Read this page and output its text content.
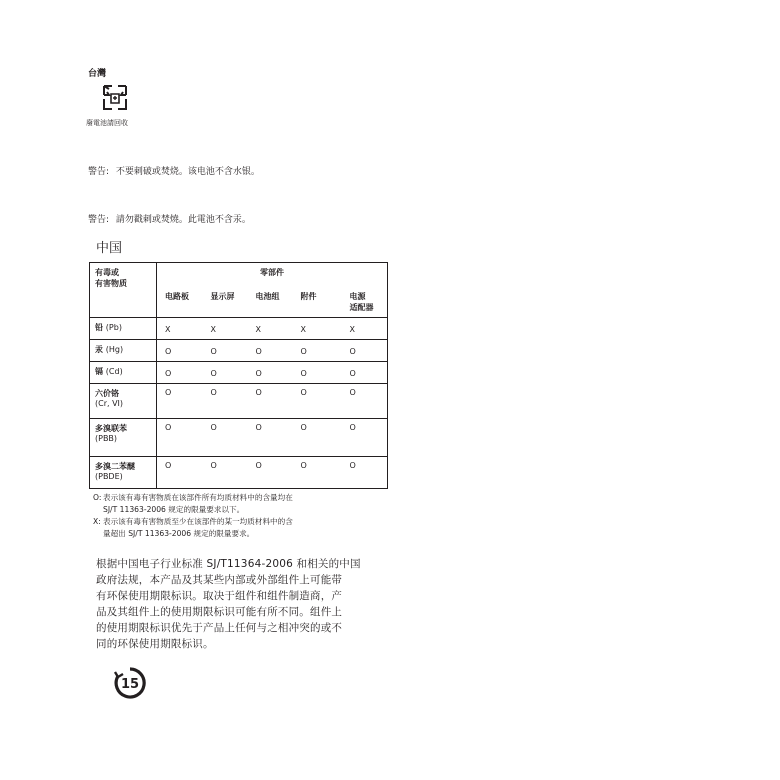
台灣
廢電池請回收
警告: 不要刺破或焚烧。该电池不含水银。
警告: 請勿戳刺或焚燒。此電池不含汞。
中国
有毒或
有害物质	零部件				
	电路板	显示屏	电池组	附件	电源
适配器

铅 (Pb)	X	X	X	X	X
汞 (Hg)	O	O	O	O	O
镉 (Cd)	O	O	O	O	O

六价铬
(Cr, VI)	O	O	O	O	O

多溴联苯
(PBB)	O	O	O	O	O

多溴二苯醚
(PBDE)	O	O	O	O	O
O: 表示该有毒有害物质在该部件所有均质材料中的含量均在
SJ/T 11363-2006 规定的限量要求以下。
X: 表示该有毒有害物质至少在该部件的某一均质材料中的含
量超出 SJ/T 11363-2006 规定的限量要求。
根据中国电子行业标准 SJ/T11364-2006 和相关的中国
政府法规，本产品及其某些内部或外部组件上可能带
有环保使用期限标识。取决于组件和组件制造商，产
品及其组件上的使用期限标识可能有所不同。组件上
的使用期限标识优先于产品上任何与之相冲突的或不
同的环保使用期限标识。
15
